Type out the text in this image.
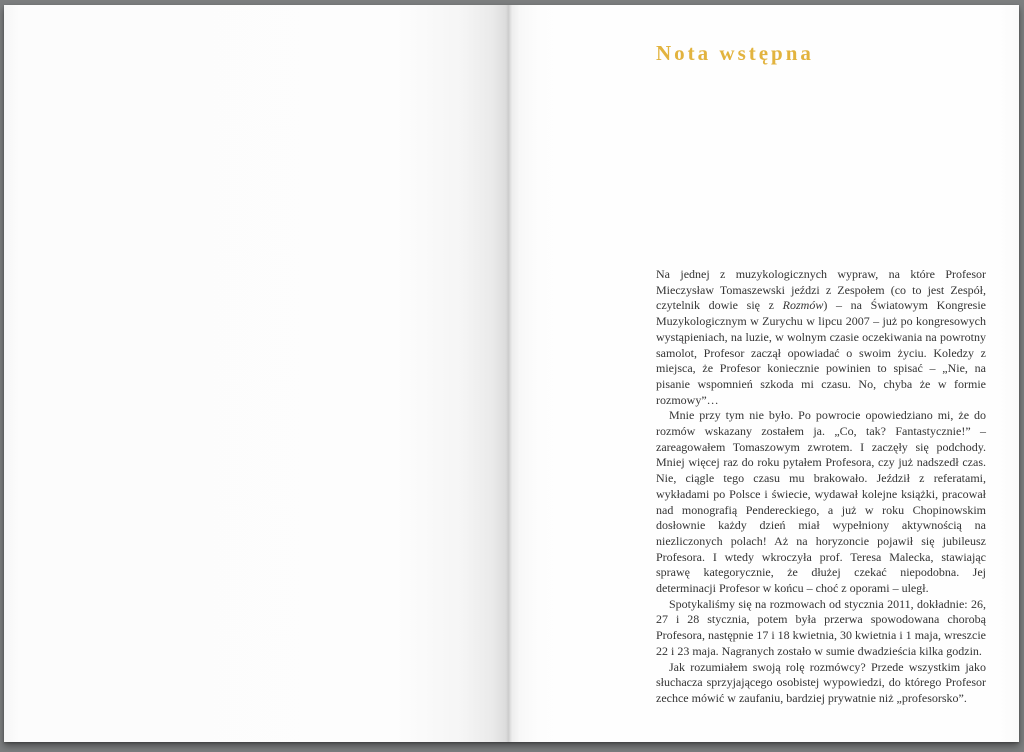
Nota wstępna

Na jednej z muzykologicznych wypraw, na które Profesor Mieczysław Tomaszewski jeździ z Zespołem (co to jest Zespół, czytelnik dowie się z Rozmów) – na Światowym Kongresie Muzykologicznym w Zurychu w lipcu 2007 – już po kongresowych wystąpieniach, na luzie, w wolnym czasie oczekiwania na powrotny samolot, Profesor zaczął opowiadać o swoim życiu. Koledzy z miejsca, że Profesor koniecznie powinien to spisać – „Nie, na pisanie wspomnień szkoda mi czasu. No, chyba że w formie rozmowy”…

Mnie przy tym nie było. Po powrocie opowiedziano mi, że do rozmów wskazany zostałem ja. „Co, tak? Fantastycznie!” – zareagowałem Tomaszowym zwrotem. I zaczęły się podchody. Mniej więcej raz do roku pytałem Profesora, czy już nadszedł czas. Nie, ciągle tego czasu mu brakowało. Jeździł z referatami, wykładami po Polsce i świecie, wydawał kolejne książki, pracował nad monografią Pendereckiego, a już w roku Chopinowskim dosłownie każdy dzień miał wypełniony aktywnością na niezliczonych polach! Aż na horyzoncie pojawił się jubileusz Profesora. I wtedy wkroczyła prof. Teresa Malecka, stawiając sprawę kategorycznie, że dłużej czekać niepodobna. Jej determinacji Profesor w końcu – choć z oporami – uległ.

Spotykaliśmy się na rozmowach od stycznia 2011, dokładnie: 26, 27 i 28 stycznia, potem była przerwa spowodowana chorobą Profesora, następnie 17 i 18 kwietnia, 30 kwietnia i 1 maja, wreszcie 22 i 23 maja. Nagranych zostało w sumie dwadzieścia kilka godzin.

Jak rozumiałem swoją rolę rozmówcy? Przede wszystkim jako słuchacza sprzyjającego osobistej wypowiedzi, do którego Profesor zechce mówić w zaufaniu, bardziej prywatnie niż „profesorsko”.
